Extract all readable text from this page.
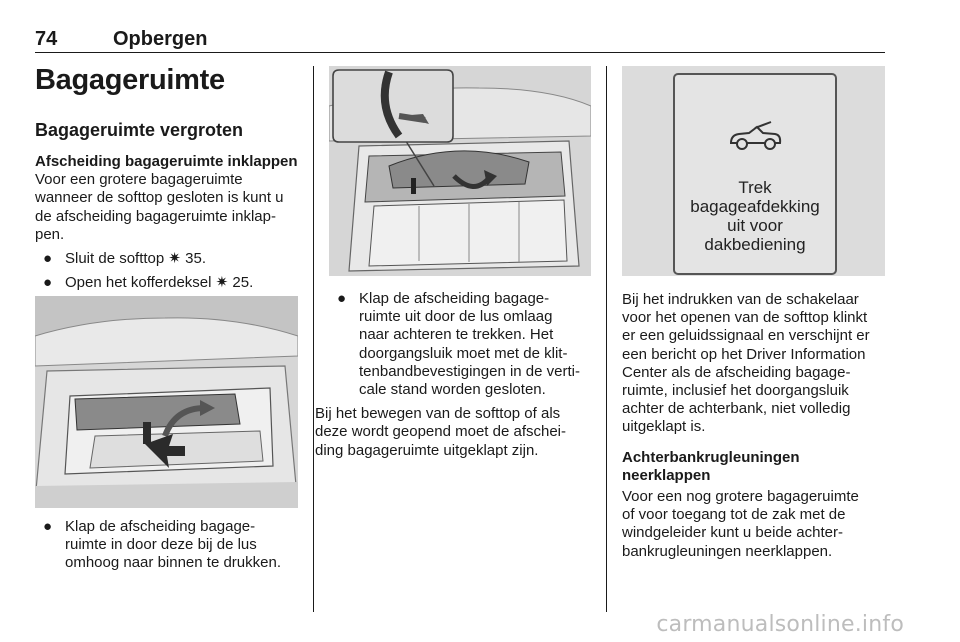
74	Opbergen
Bagageruimte
Bagageruimte vergroten

Afscheiding bagageruimte inklappen

Voor een grotere bagageruimte

wanneer de softtop gesloten is kunt u

de afscheiding bagageruimte inklap-

pen.

● Sluit de softtop ✷ 35.

● Open het kofferdeksel ✷ 25.

● Klap de afscheiding bagage-

ruimte in door deze bij de lus

omhoog naar binnen te drukken.

● Klap de afscheiding bagage-

ruimte uit door de lus omlaag

naar achteren te trekken. Het

doorgangsluik moet met de klit-

tenbandbevestigingen in de verti-

cale stand worden gesloten.

Bij het bewegen van de softtop of als

deze wordt geopend moet de afschei-

ding bagageruimte uitgeklapt zijn.

Trek
bagageafdekking
uit voor
dakbediening

Bij het indrukken van de schakelaar

voor het openen van de softtop klinkt

er een geluidssignaal en verschijnt er

een bericht op het Driver Information

Center als de afscheiding bagage-

ruimte, inclusief het doorgangsluik

achter de achterbank, niet volledig

uitgeklapt is.

Achterbankrugleuningen

neerklappen

Voor een nog grotere bagageruimte

of voor toegang tot de zak met de

windgeleider kunt u beide achter-

bankrugleuningen neerklappen.

carmanualsonline.info
